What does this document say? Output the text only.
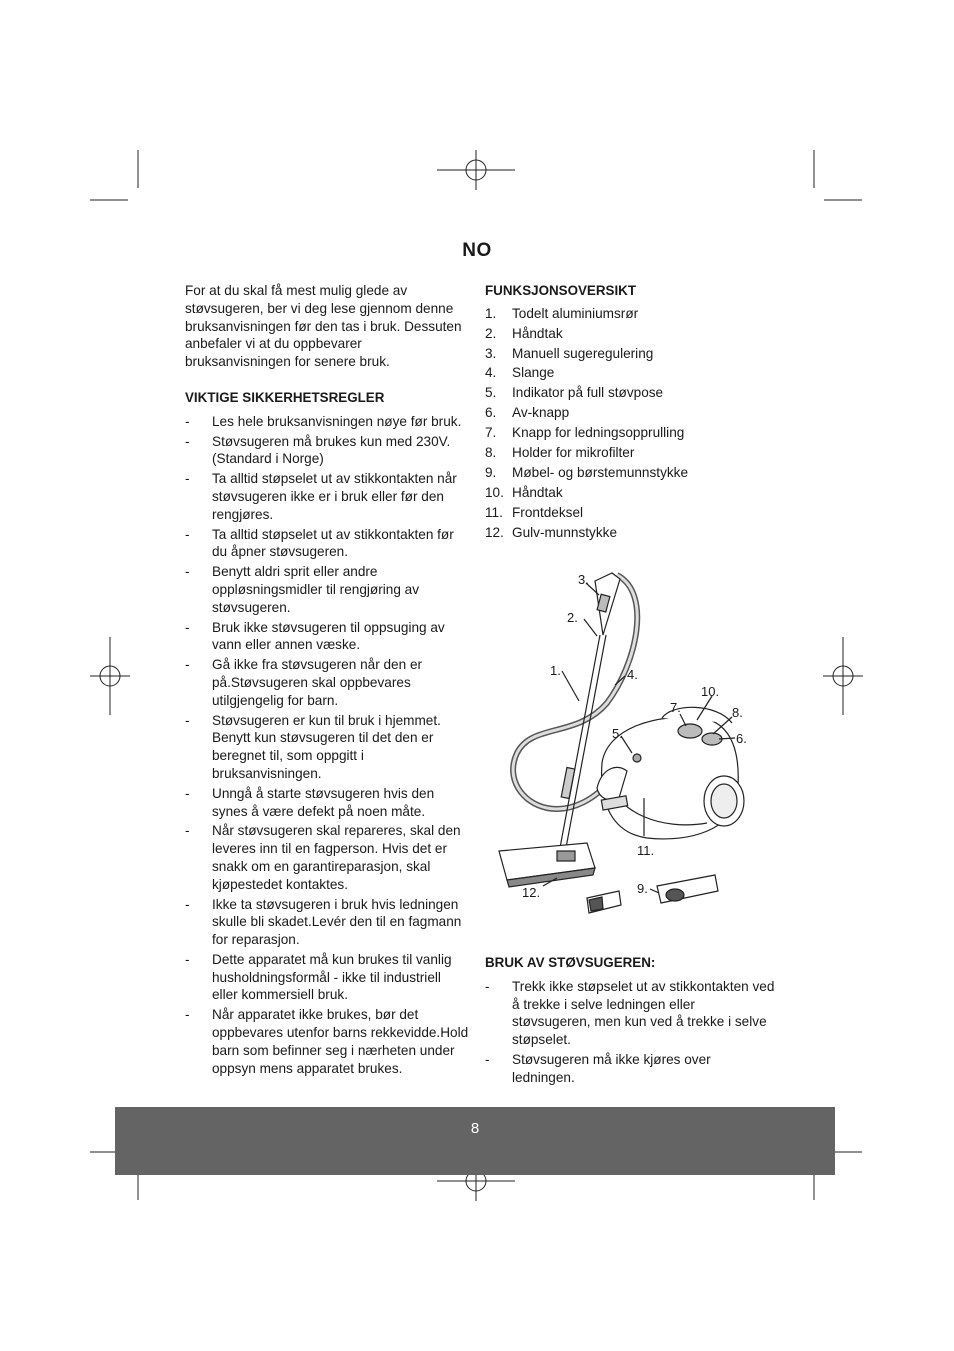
NO

For at du skal få mest mulig glede av støvsugeren, ber vi deg lese gjennom denne bruksanvisningen før den tas i bruk. Dessuten anbefaler vi at du oppbevarer bruksanvisningen for senere bruk.

VIKTIGE SIKKERHETSREGLER

- Les hele bruksanvisningen nøye før bruk.
- Støvsugeren må brukes kun med 230V. (Standard i Norge)
- Ta alltid støpselet ut av stikkontakten når støvsugeren ikke er i bruk eller før den rengjøres.
- Ta alltid støpselet ut av stikkontakten før du åpner støvsugeren.
- Benytt aldri sprit eller andre oppløsningsmidler til rengjøring av støvsugeren.
- Bruk ikke støvsugeren til oppsuging av vann eller annen væske.
- Gå ikke fra støvsugeren når den er på.Støvsugeren skal oppbevares utilgjengelig for barn.
- Støvsugeren er kun til bruk i hjemmet. Benytt kun støvsugeren til det den er beregnet til, som oppgitt i bruksanvisningen.
- Unngå å starte støvsugeren hvis den synes å være defekt på noen måte.
- Når støvsugeren skal repareres, skal den leveres inn til en fagperson. Hvis det er snakk om en garantireparasjon, skal kjøpestedet kontaktes.
- Ikke ta støvsugeren i bruk hvis ledningen skulle bli skadet.Levér den til en fagmann for reparasjon.
- Dette apparatet må kun brukes til vanlig husholdningsformål - ikke til industriell eller kommersiell bruk.
- Når apparatet ikke brukes, bør det oppbevares utenfor barns rekkevidde.Hold barn som befinner seg i nærheten under oppsyn mens apparatet brukes.

FUNKSJONSOVERSIKT

1.	Todelt aluminiumsrør
2.	Håndtak
3.	Manuell sugeregulering
4.	Slange
5.	Indikator på full støvpose
6.	Av-knapp
7.	Knapp for ledningsopprulling
8.	Holder for mikrofilter
9.	Møbel- og børstemunnstykke
10. Håndtak
11. Frontdeksel
12. Gulv-munnstykke
1.
2.
3.
4.
5.	6.
7.	8.
9.
10.
11.
12.

BRUK AV STØVSUGEREN:

- Trekk ikke støpselet ut av stikkontakten ved å trekke i selve ledningen eller støvsugeren, men kun ved å trekke i selve støpselet.
- Støvsugeren må ikke kjøres over ledningen.
8
